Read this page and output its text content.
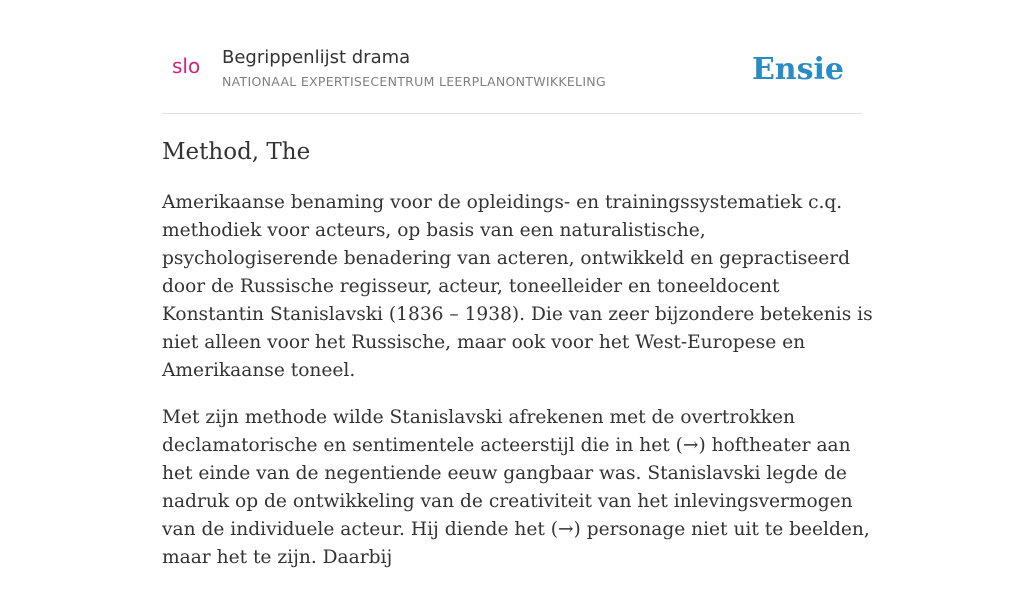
slo Begrippenlijst drama
NATIONAAL EXPERTISECENTRUM LEERPLANONTWIKKELING	Ensie
Method, The

Amerikaanse benaming voor de opleidings- en trainingssystematiek c.q. methodiek voor acteurs, op basis van een naturalistische, psychologiserende benadering van acteren, ontwikkeld en gepractiseerd door de Russische regisseur, acteur, toneelleider en toneeldocent Konstantin Stanislavski (1836 – 1938). Die van zeer bijzondere betekenis is niet alleen voor het Russische, maar ook voor het West-Europese en Amerikaanse toneel.

Met zijn methode wilde Stanislavski afrekenen met de overtrokken declamatorische en sentimentele acteerstijl die in het (→) hoftheater aan het einde van de negentiende eeuw gangbaar was. Stanislavski legde de nadruk op de ontwikkeling van de creativiteit van het inlevingsvermogen van de individuele acteur. Hij diende het (→) personage niet uit te beelden, maar het te zijn. Daarbij
